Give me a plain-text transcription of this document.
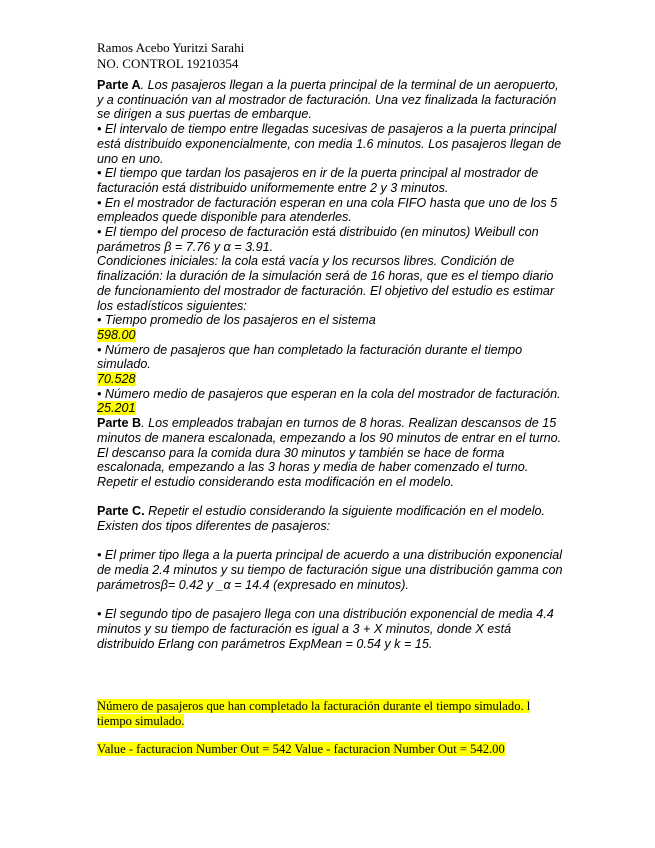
Ramos Acebo Yuritzi Sarahi
NO. CONTROL 19210354

Parte A. Los pasajeros llegan a la puerta principal de la terminal de un aeropuerto, y a continuación van al mostrador de facturación. Una vez finalizada la facturación se dirigen a sus puertas de embarque.

• El intervalo de tiempo entre llegadas sucesivas de pasajeros a la puerta principal está distribuido exponencialmente, con media 1.6 minutos. Los pasajeros llegan de uno en uno.

• El tiempo que tardan los pasajeros en ir de la puerta principal al mostrador de facturación está distribuido uniformemente entre 2 y 3 minutos.

• En el mostrador de facturación esperan en una cola FIFO hasta que uno de los 5 empleados quede disponible para atenderles.

• El tiempo del proceso de facturación está distribuido (en minutos) Weibull con parámetros β = 7.76 y α = 3.91.

Condiciones iniciales: la cola está vacía y los recursos libres. Condición de finalización: la duración de la simulación será de 16 horas, que es el tiempo diario de funcionamiento del mostrador de facturación. El objetivo del estudio es estimar los estadísticos siguientes:

• Tiempo promedio de los pasajeros en el sistema

598.00

• Número de pasajeros que han completado la facturación durante el tiempo simulado.

70.528

• Número medio de pasajeros que esperan en la cola del mostrador de facturación.

25.201

Parte B. Los empleados trabajan en turnos de 8 horas. Realizan descansos de 15 minutos de manera escalonada, empezando a los 90 minutos de entrar en el turno. El descanso para la comida dura 30 minutos y también se hace de forma escalonada, empezando a las 3 horas y media de haber comenzado el turno. Repetir el estudio considerando esta modificación en el modelo.

Parte C. Repetir el estudio considerando la siguiente modificación en el modelo. Existen dos tipos diferentes de pasajeros:

• El primer tipo llega a la puerta principal de acuerdo a una distribución exponencial de media 2.4 minutos y su tiempo de facturación sigue una distribución gamma con parámetrosβ= 0.42 y _α = 14.4 (expresado en minutos).

• El segundo tipo de pasajero llega con una distribución exponencial de media 4.4 minutos y su tiempo de facturación es igual a 3 + X minutos, donde X está distribuido Erlang con parámetros ExpMean = 0.54 y k = 15.

Número de pasajeros que han completado la facturación durante el tiempo simulado. l tiempo simulado.

Value - facturacion Number Out = 542 Value - facturacion Number Out = 542.00
